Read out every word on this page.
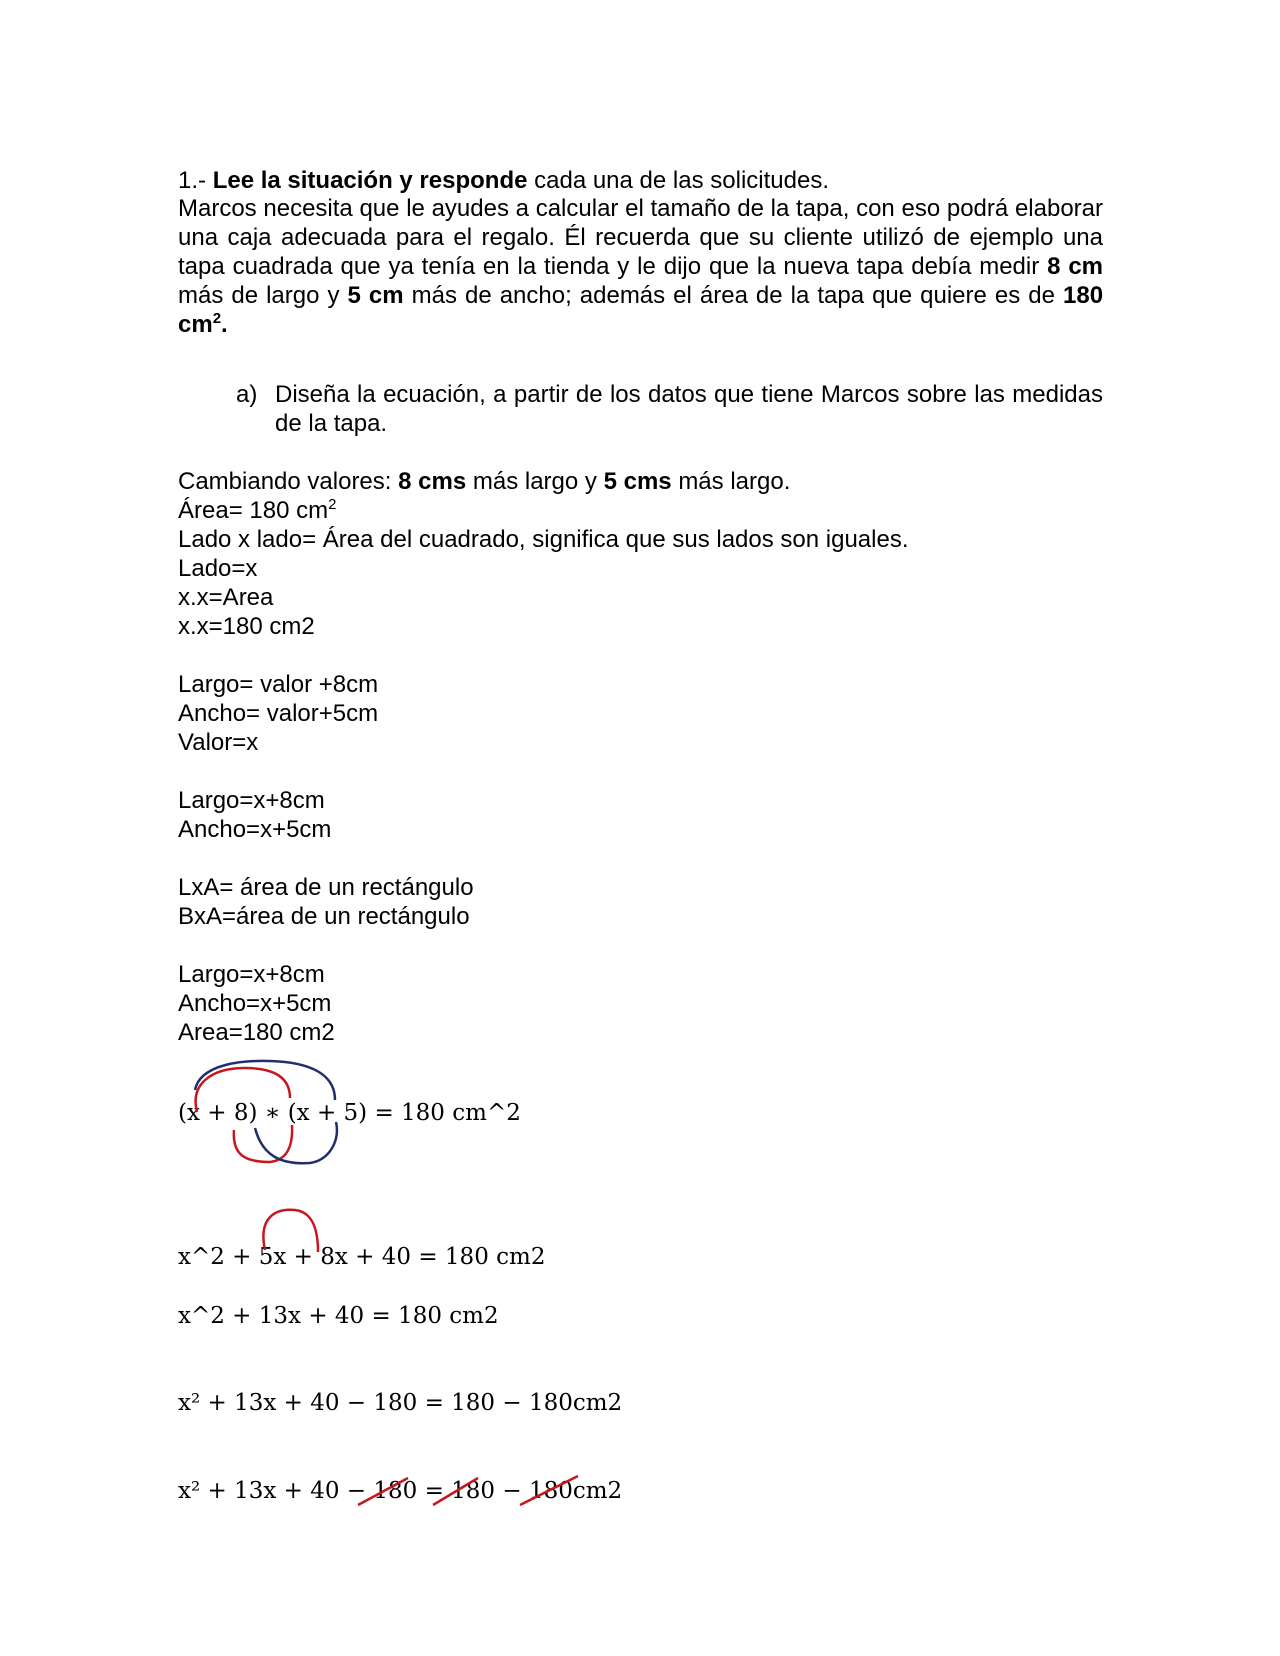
1.- Lee la situación y responde cada una de las solicitudes.
Marcos necesita que le ayudes a calcular el tamaño de la tapa, con eso podrá elaborar una caja adecuada para el regalo. Él recuerda que su cliente utilizó de ejemplo una tapa cuadrada que ya tenía en la tienda y le dijo que la nueva tapa debía medir 8 cm más de largo y 5 cm más de ancho; además el área de la tapa que quiere es de 180 $cm^2$.
a) Diseña la ecuación, a partir de los datos que tiene Marcos sobre las medidas de la tapa.
Cambiando valores: 8 cms más largo y 5 cms más largo.
Área= 180 $cm^2$
Lado x lado= Área del cuadrado, significa que sus lados son iguales.
Lado=x
x.x=Area
x.x=180 cm2
Largo= valor +8cm
Ancho= valor+5cm
Valor=x
Largo=x+8cm
Ancho=x+5cm
LxA= área de un rectángulo
BxA=área de un rectángulo
Largo=x+8cm
Ancho=x+5cm
Area=180 cm2
(x + 8) ∗ (x + 5) = 180 cm^2
x^2 + 5x + 8x + 40 = 180 cm2
x^2 + 13x + 40 = 180 cm2
x² + 13x + 40 − 180 = 180 − 180cm2
x² + 13x + 40 − 180 = 180 − 180cm2
